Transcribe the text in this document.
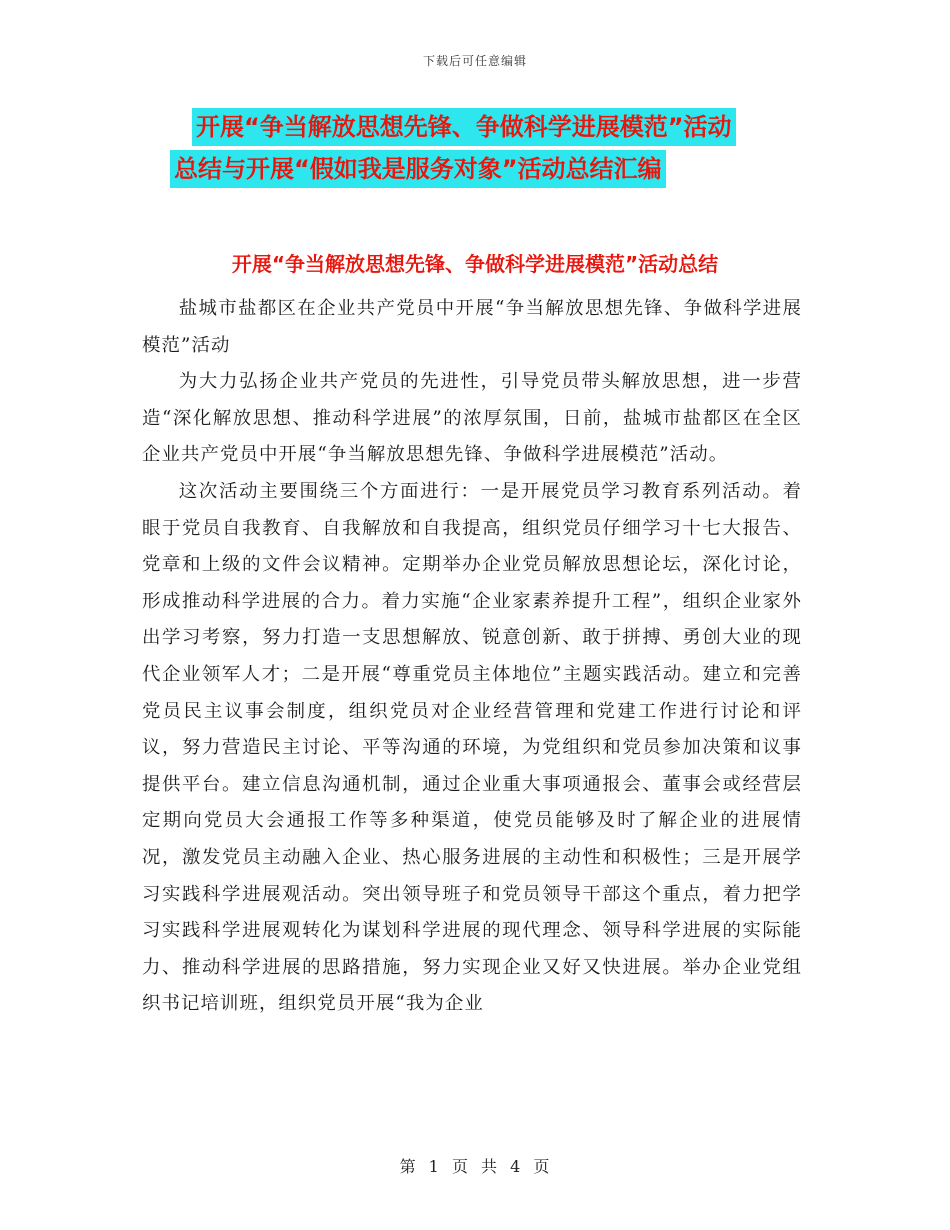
下载后可任意编辑
开展“争当解放思想先锋、争做科学进展模范”活动
总结与开展“假如我是服务对象”活动总结汇编
开展“争当解放思想先锋、争做科学进展模范”活动总结

盐城市盐都区在企业共产党员中开展“争当解放思想先锋、争做科学进展模范”活动

为大力弘扬企业共产党员的先进性，引导党员带头解放思想，进一步营造“深化解放思想、推动科学进展”的浓厚氛围，日前，盐城市盐都区在全区企业共产党员中开展“争当解放思想先锋、争做科学进展模范”活动。

这次活动主要围绕三个方面进行：一是开展党员学习教育系列活动。着眼于党员自我教育、自我解放和自我提高，组织党员仔细学习十七大报告、党章和上级的文件会议精神。定期举办企业党员解放思想论坛，深化讨论，形成推动科学进展的合力。着力实施“企业家素养提升工程”，组织企业家外出学习考察，努力打造一支思想解放、锐意创新、敢于拼搏、勇创大业的现代企业领军人才；二是开展“尊重党员主体地位”主题实践活动。建立和完善党员民主议事会制度，组织党员对企业经营管理和党建工作进行讨论和评议，努力营造民主讨论、平等沟通的环境，为党组织和党员参加决策和议事提供平台。建立信息沟通机制，通过企业重大事项通报会、董事会或经营层定期向党员大会通报工作等多种渠道，使党员能够及时了解企业的进展情况，激发党员主动融入企业、热心服务进展的主动性和积极性；三是开展学习实践科学进展观活动。突出领导班子和党员领导干部这个重点，着力把学习实践科学进展观转化为谋划科学进展的现代理念、领导科学进展的实际能力、推动科学进展的思路措施，努力实现企业又好又快进展。举办企业党组织书记培训班，组织党员开展“我为企业

第 1 页 共 4 页
